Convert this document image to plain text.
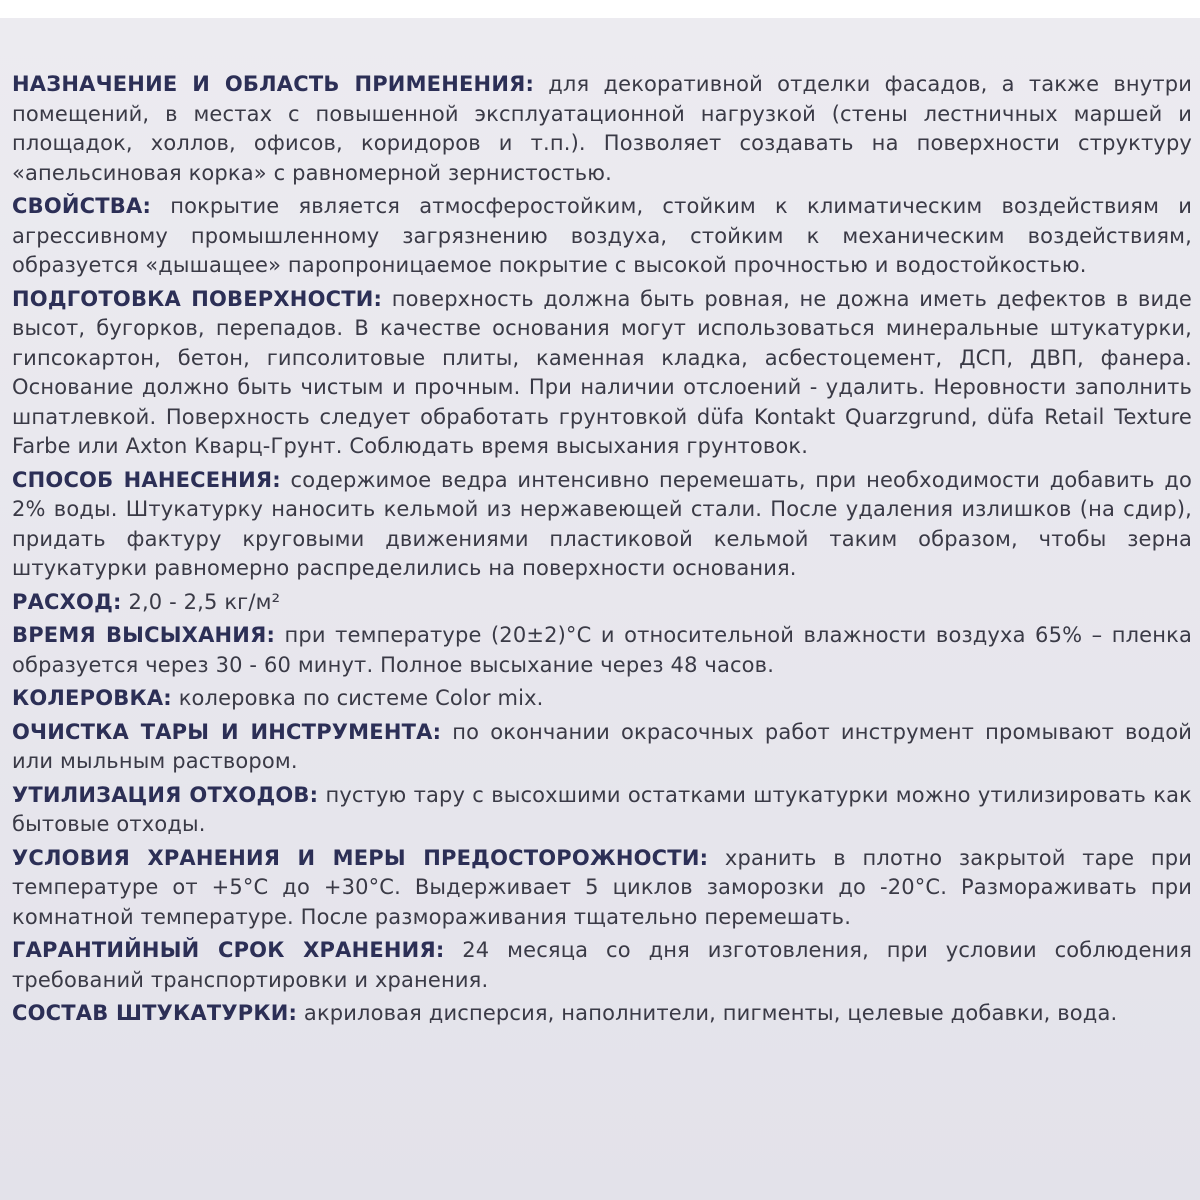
НАЗНАЧЕНИЕ И ОБЛАСТЬ ПРИМЕНЕНИЯ: для декоративной отделки фасадов, а также внутри помещений, в местах с повышенной эксплуатационной нагрузкой (стены лестничных маршей и площадок, холлов, офисов, коридоров и т.п.). Позволяет создавать на поверхности структуру «апельсиновая корка» с равномерной зернистостью.

СВОЙСТВА: покрытие является атмосферостойким, стойким к климатическим воздействиям и агрессивному промышленному загрязнению воздуха, стойким к механическим воздействиям, образуется «дышащее» паропроницаемое покрытие с высокой прочностью и водостойкостью.

ПОДГОТОВКА ПОВЕРХНОСТИ: поверхность должна быть ровная, не дожна иметь дефектов в виде высот, бугорков, перепадов. В качестве основания могут использоваться минеральные штукатурки, гипсокартон, бетон, гипсолитовые плиты, каменная кладка, асбестоцемент, ДСП, ДВП, фанера. Основание должно быть чистым и прочным. При наличии отслоений - удалить. Неровности заполнить шпатлевкой. Поверхность следует обработать грунтовкой düfa Kontakt Quarzgrund, düfa Retail Texture Farbe или Axton Кварц-Грунт. Соблюдать время высыхания грунтовок.

СПОСОБ НАНЕСЕНИЯ: содержимое ведра интенсивно перемешать, при необходимости добавить до 2% воды. Штукатурку наносить кельмой из нержавеющей стали. После удаления излишков (на сдир), придать фактуру круговыми движениями пластиковой кельмой таким образом, чтобы зерна штукатурки равномерно распределились на поверхности основания.

РАСХОД: 2,0 - 2,5 кг/м²

ВРЕМЯ ВЫСЫХАНИЯ: при температуре (20±2)°С и относительной влажности воздуха 65% – пленка образуется через 30 - 60 минут. Полное высыхание через 48 часов.

КОЛЕРОВКА: колеровка по системе Color mix.

ОЧИСТКА ТАРЫ И ИНСТРУМЕНТА: по окончании окрасочных работ инструмент промывают водой или мыльным раствором.

УТИЛИЗАЦИЯ ОТХОДОВ: пустую тару с высохшими остатками штукатурки можно утилизировать как бытовые отходы.

УСЛОВИЯ ХРАНЕНИЯ И МЕРЫ ПРЕДОСТОРОЖНОСТИ: хранить в плотно закрытой таре при температуре от +5°С до +30°С. Выдерживает 5 циклов заморозки до -20°С. Размораживать при комнатной температуре. После размораживания тщательно перемешать.

ГАРАНТИЙНЫЙ СРОК ХРАНЕНИЯ: 24 месяца со дня изготовления, при условии соблюдения требований транспортировки и хранения.

СОСТАВ ШТУКАТУРКИ: акриловая дисперсия, наполнители, пигменты, целевые добавки, вода.
